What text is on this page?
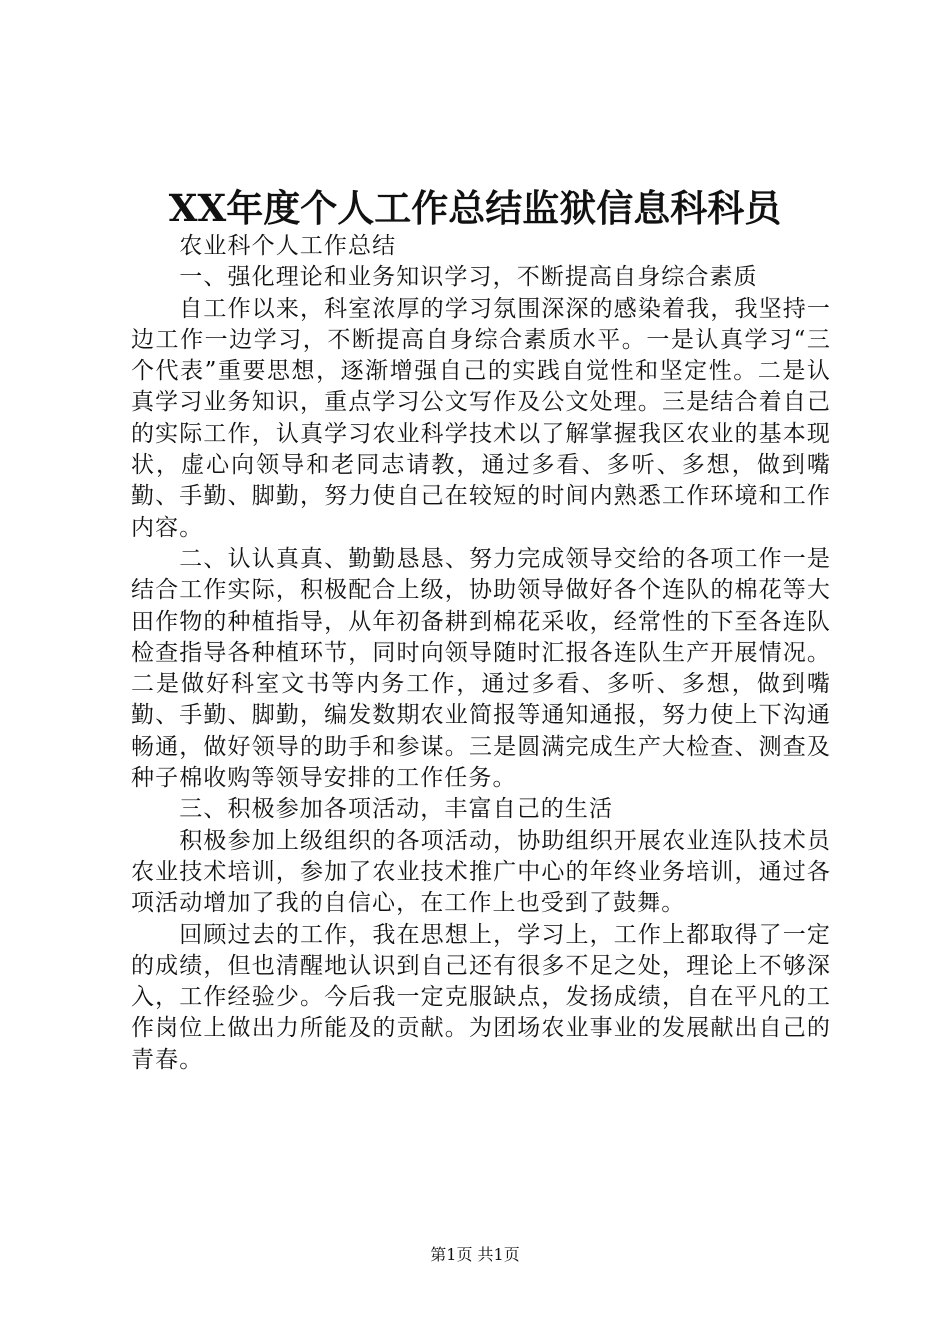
XX年度个人工作总结监狱信息科科员

农业科个人工作总结

一、强化理论和业务知识学习，不断提高自身综合素质

自工作以来，科室浓厚的学习氛围深深的感染着我，我坚持一边工作一边学习，不断提高自身综合素质水平。一是认真学习“三个代表”重要思想，逐渐增强自己的实践自觉性和坚定性。二是认真学习业务知识，重点学习公文写作及公文处理。三是结合着自己的实际工作，认真学习农业科学技术以了解掌握我区农业的基本现状，虚心向领导和老同志请教，通过多看、多听、多想，做到嘴勤、手勤、脚勤，努力使自己在较短的时间内熟悉工作环境和工作内容。

二、认认真真、勤勤恳恳、努力完成领导交给的各项工作一是结合工作实际，积极配合上级，协助领导做好各个连队的棉花等大田作物的种植指导，从年初备耕到棉花采收，经常性的下至各连队检查指导各种植环节，同时向领导随时汇报各连队生产开展情况。二是做好科室文书等内务工作，通过多看、多听、多想，做到嘴勤、手勤、脚勤，编发数期农业简报等通知通报，努力使上下沟通畅通，做好领导的助手和参谋。三是圆满完成生产大检查、测查及种子棉收购等领导安排的工作任务。

三、积极参加各项活动，丰富自己的生活

积极参加上级组织的各项活动，协助组织开展农业连队技术员农业技术培训，参加了农业技术推广中心的年终业务培训，通过各项活动增加了我的自信心，在工作上也受到了鼓舞。

回顾过去的工作，我在思想上，学习上，工作上都取得了一定的成绩，但也清醒地认识到自己还有很多不足之处，理论上不够深入，工作经验少。今后我一定克服缺点，发扬成绩，自在平凡的工作岗位上做出力所能及的贡献。为团场农业事业的发展献出自己的青春。

第1页 共1页
